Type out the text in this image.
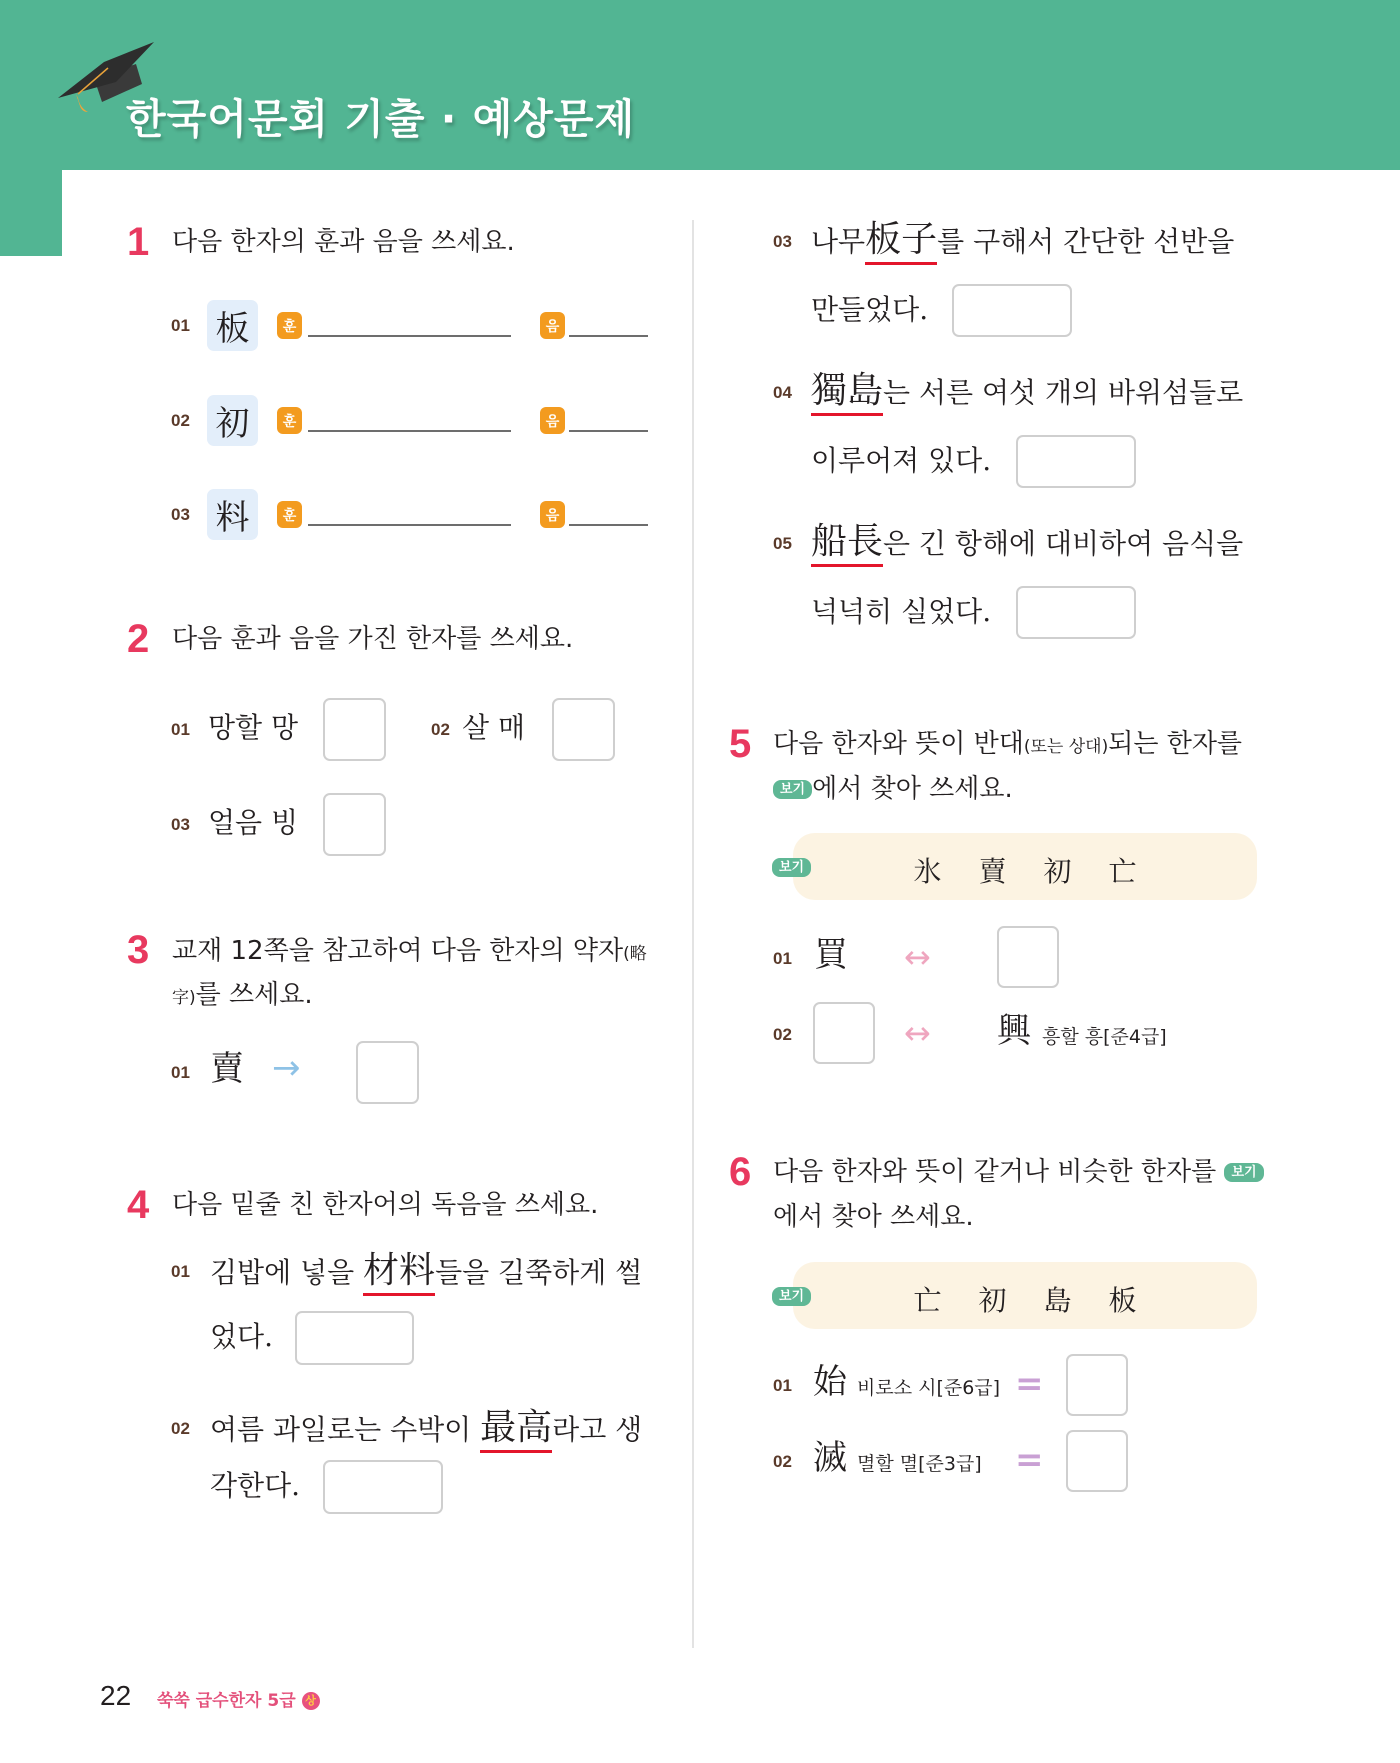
한국어문회 기출 · 예상문제
1 다음 한자의 훈과 음을 쓰세요.
01 板	훈	음
02 初	훈	음
03 料	훈	음
2 다음 훈과 음을 가진 한자를 쓰세요.
01 망할 망	02 살 매
03 얼음 빙
3 교재 12쪽을 참고하여 다음 한자의 약자(略
字)를 쓰세요.
01 賣 →
4 다음 밑줄 친 한자어의 독음을 쓰세요.
01 김밥에 넣을 材料들을 길쭉하게 썰
었다.
02 여름 과일로는 수박이 最高라고 생
각한다.
03 나무板子를 구해서 간단한 선반을
만들었다.
04 獨島는 서른 여섯 개의 바위섬들로
이루어져 있다.
05 船長은 긴 항해에 대비하여 음식을
넉넉히 실었다.
5 다음 한자와 뜻이 반대(또는 상대)되는 한자를
보기 에서 찾아 쓰세요.
보기	氷 賣 初 亡
01 買 ↔
02	↔ 興 흥할 흥[준4급]
6 다음 한자와 뜻이 같거나 비슷한 한자를 보기
에서 찾아 쓰세요.
보기	亡 初 島 板
01 始 비로소 시[준6급] =
02 滅 멸할 멸[준3급] =
22 쑥쑥 급수한자 5급 상
